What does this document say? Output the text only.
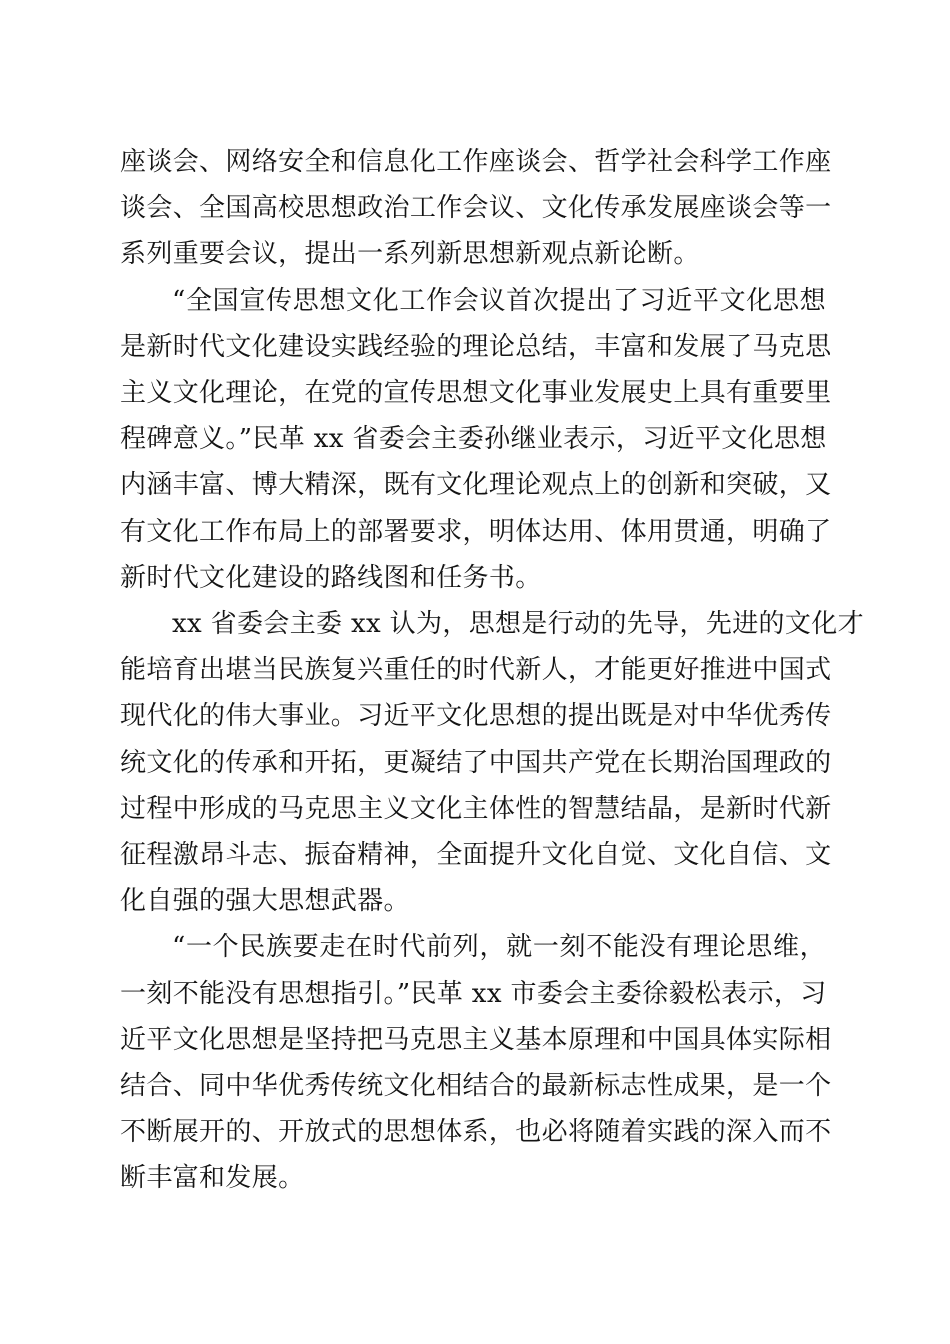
座谈会、网络安全和信息化工作座谈会、哲学社会科学工作座
谈会、全国高校思想政治工作会议、文化传承发展座谈会等一
系列重要会议，提出一系列新思想新观点新论断。
“全国宣传思想文化工作会议首次提出了习近平文化思想
是新时代文化建设实践经验的理论总结，丰富和发展了马克思
主义文化理论，在党的宣传思想文化事业发展史上具有重要里
程碑意义。”民革 xx 省委会主委孙继业表示，习近平文化思想
内涵丰富、博大精深，既有文化理论观点上的创新和突破，又
有文化工作布局上的部署要求，明体达用、体用贯通，明确了
新时代文化建设的路线图和任务书。
xx 省委会主委 xx 认为，思想是行动的先导，先进的文化才
能培育出堪当民族复兴重任的时代新人，才能更好推进中国式
现代化的伟大事业。习近平文化思想的提出既是对中华优秀传
统文化的传承和开拓，更凝结了中国共产党在长期治国理政的
过程中形成的马克思主义文化主体性的智慧结晶，是新时代新
征程激昂斗志、振奋精神，全面提升文化自觉、文化自信、文
化自强的强大思想武器。
“一个民族要走在时代前列，就一刻不能没有理论思维，
一刻不能没有思想指引。”民革 xx 市委会主委徐毅松表示，习
近平文化思想是坚持把马克思主义基本原理和中国具体实际相
结合、同中华优秀传统文化相结合的最新标志性成果，是一个
不断展开的、开放式的思想体系，也必将随着实践的深入而不
断丰富和发展。
